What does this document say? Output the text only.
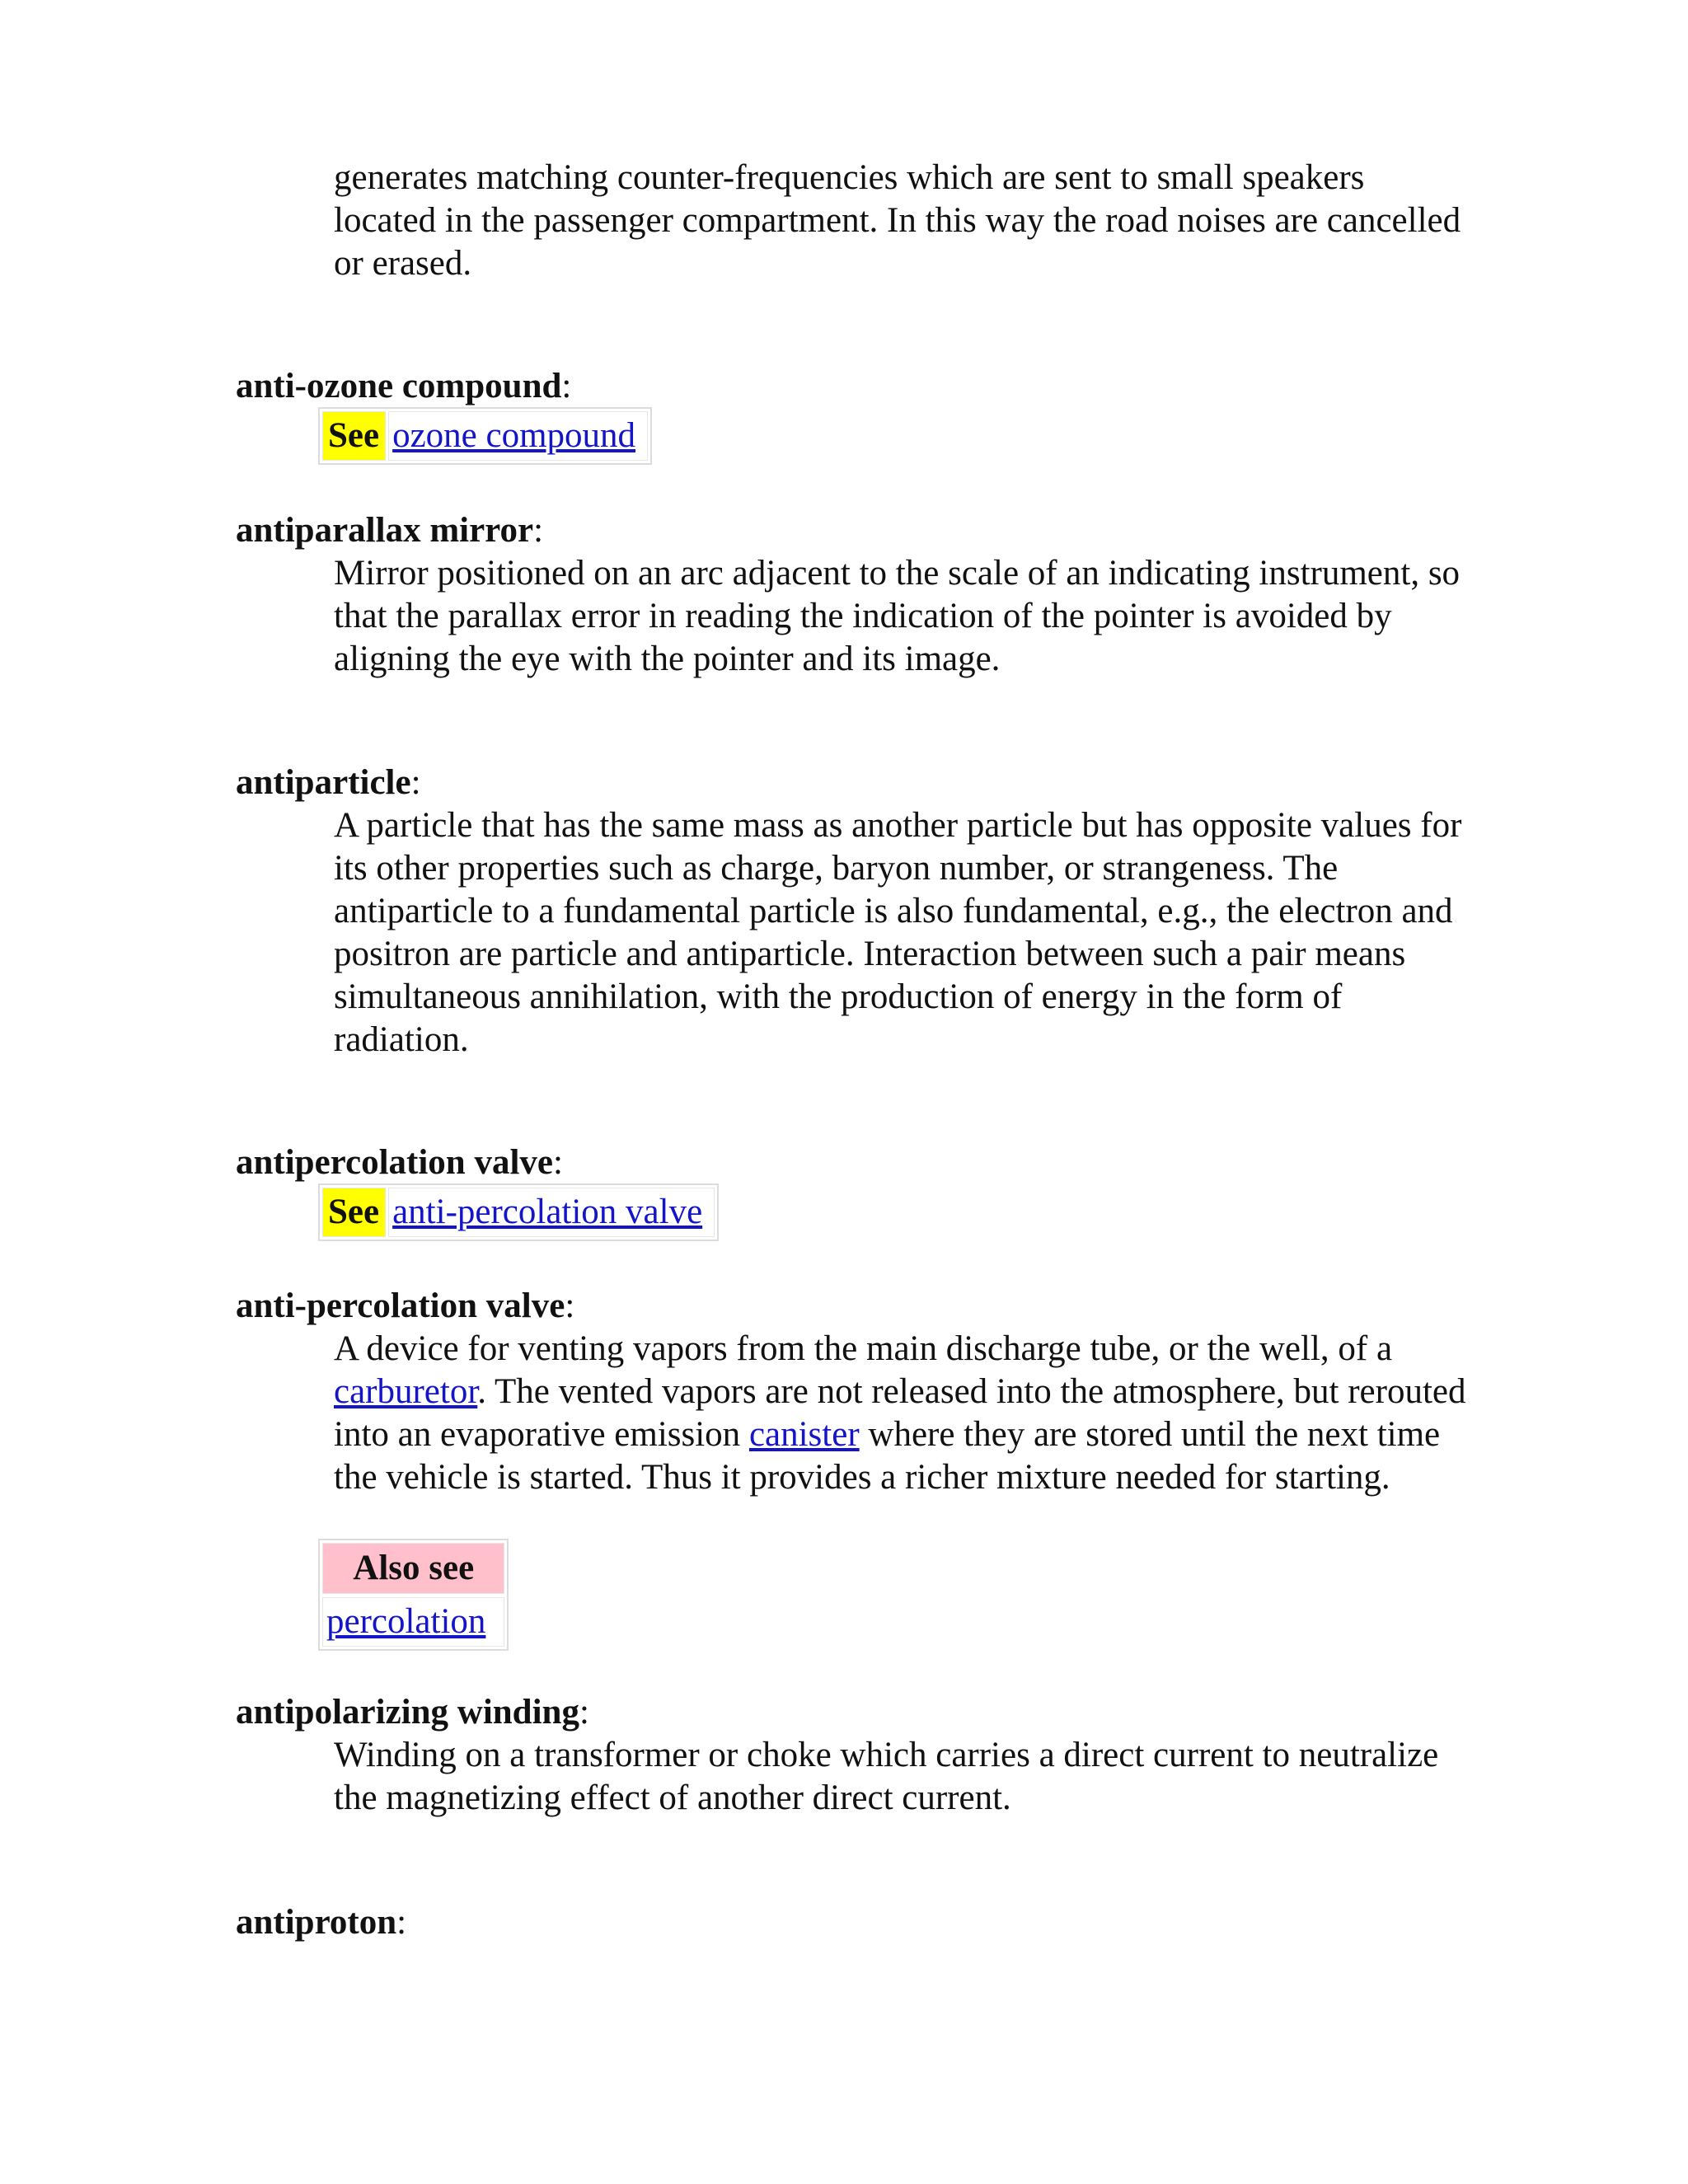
generates matching counter-frequencies which are sent to small speakers located in the passenger compartment. In this way the road noises are cancelled or erased.

anti-ozone compound:
See ozone compound
antiparallax mirror:

Mirror positioned on an arc adjacent to the scale of an indicating instrument, so that the parallax error in reading the indication of the pointer is avoided by aligning the eye with the pointer and its image.

antiparticle:

A particle that has the same mass as another particle but has opposite values for its other properties such as charge, baryon number, or strangeness. The antiparticle to a fundamental particle is also fundamental, e.g., the electron and positron are particle and antiparticle. Interaction between such a pair means simultaneous annihilation, with the production of energy in the form of radiation.

antipercolation valve:
See anti-percolation valve
anti-percolation valve:

A device for venting vapors from the main discharge tube, or the well, of a carburetor. The vented vapors are not released into the atmosphere, but rerouted into an evaporative emission canister where they are stored until the next time the vehicle is started. Thus it provides a richer mixture needed for starting.

Also see
percolation
antipolarizing winding:

Winding on a transformer or choke which carries a direct current to neutralize the magnetizing effect of another direct current.

antiproton:
